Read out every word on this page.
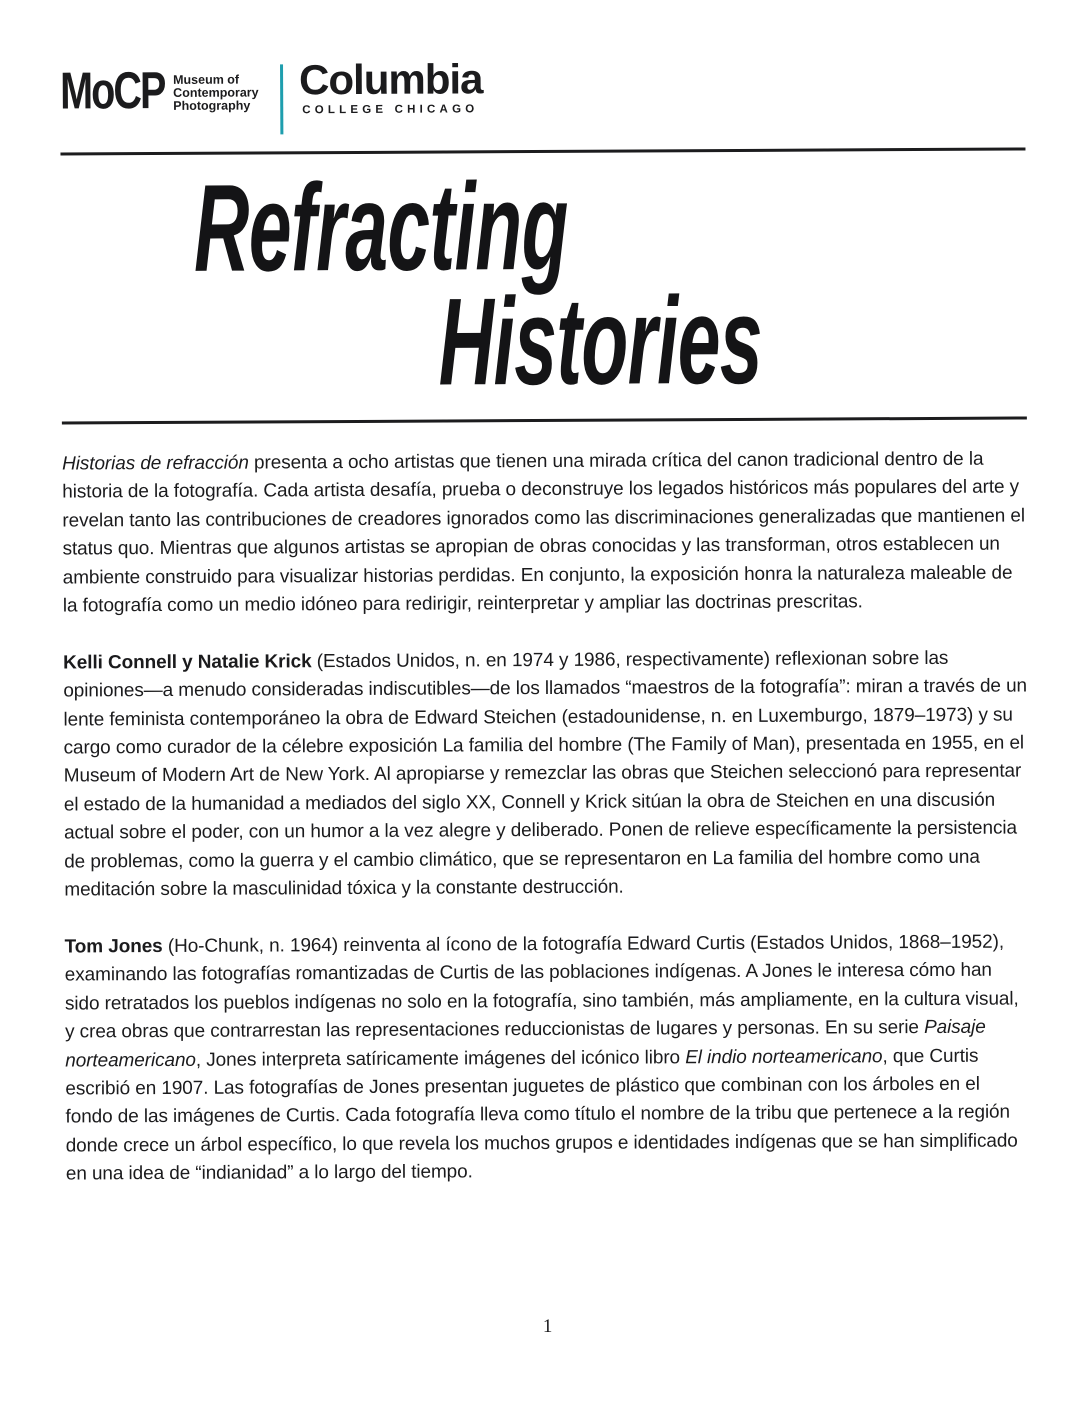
MoCP Museum of
Contemporary
Photography
Columbia
COLLEGE CHICAGO
Refracting
Histories

Historias de refracción presenta a ocho artistas que tienen una mirada crítica del canon tradicional dentro de la historia de la fotografía. Cada artista desafía, prueba o deconstruye los legados históricos más populares del arte y revelan tanto las contribuciones de creadores ignorados como las discriminaciones generalizadas que mantienen el status quo. Mientras que algunos artistas se apropian de obras conocidas y las transforman, otros establecen un ambiente construido para visualizar historias perdidas. En conjunto, la exposición honra la naturaleza maleable de la fotografía como un medio idóneo para redirigir, reinterpretar y ampliar las doctrinas prescritas.

Kelli Connell y Natalie Krick (Estados Unidos, n. en 1974 y 1986, respectivamente) reflexionan sobre las opiniones—a menudo consideradas indiscutibles—de los llamados “maestros de la fotografía”: miran a través de un lente feminista contemporáneo la obra de Edward Steichen (estadounidense, n. en Luxemburgo, 1879–1973) y su cargo como curador de la célebre exposición La familia del hombre (The Family of Man), presentada en 1955, en el Museum of Modern Art de New York. Al apropiarse y remezclar las obras que Steichen seleccionó para representar el estado de la humanidad a mediados del siglo XX, Connell y Krick sitúan la obra de Steichen en una discusión actual sobre el poder, con un humor a la vez alegre y deliberado. Ponen de relieve específicamente la persistencia de problemas, como la guerra y el cambio climático, que se representaron en La familia del hombre como una meditación sobre la masculinidad tóxica y la constante destrucción.

Tom Jones (Ho-Chunk, n. 1964) reinventa al ícono de la fotografía Edward Curtis (Estados Unidos, 1868–1952), examinando las fotografías romantizadas de Curtis de las poblaciones indígenas. A Jones le interesa cómo han sido retratados los pueblos indígenas no solo en la fotografía, sino también, más ampliamente, en la cultura visual, y crea obras que contrarrestan las representaciones reduccionistas de lugares y personas. En su serie Paisaje norteamericano, Jones interpreta satíricamente imágenes del icónico libro El indio norteamericano, que Curtis escribió en 1907. Las fotografías de Jones presentan juguetes de plástico que combinan con los árboles en el fondo de las imágenes de Curtis. Cada fotografía lleva como título el nombre de la tribu que pertenece a la región donde crece un árbol específico, lo que revela los muchos grupos e identidades indígenas que se han simplificado en una idea de “indianidad” a lo largo del tiempo.

1
